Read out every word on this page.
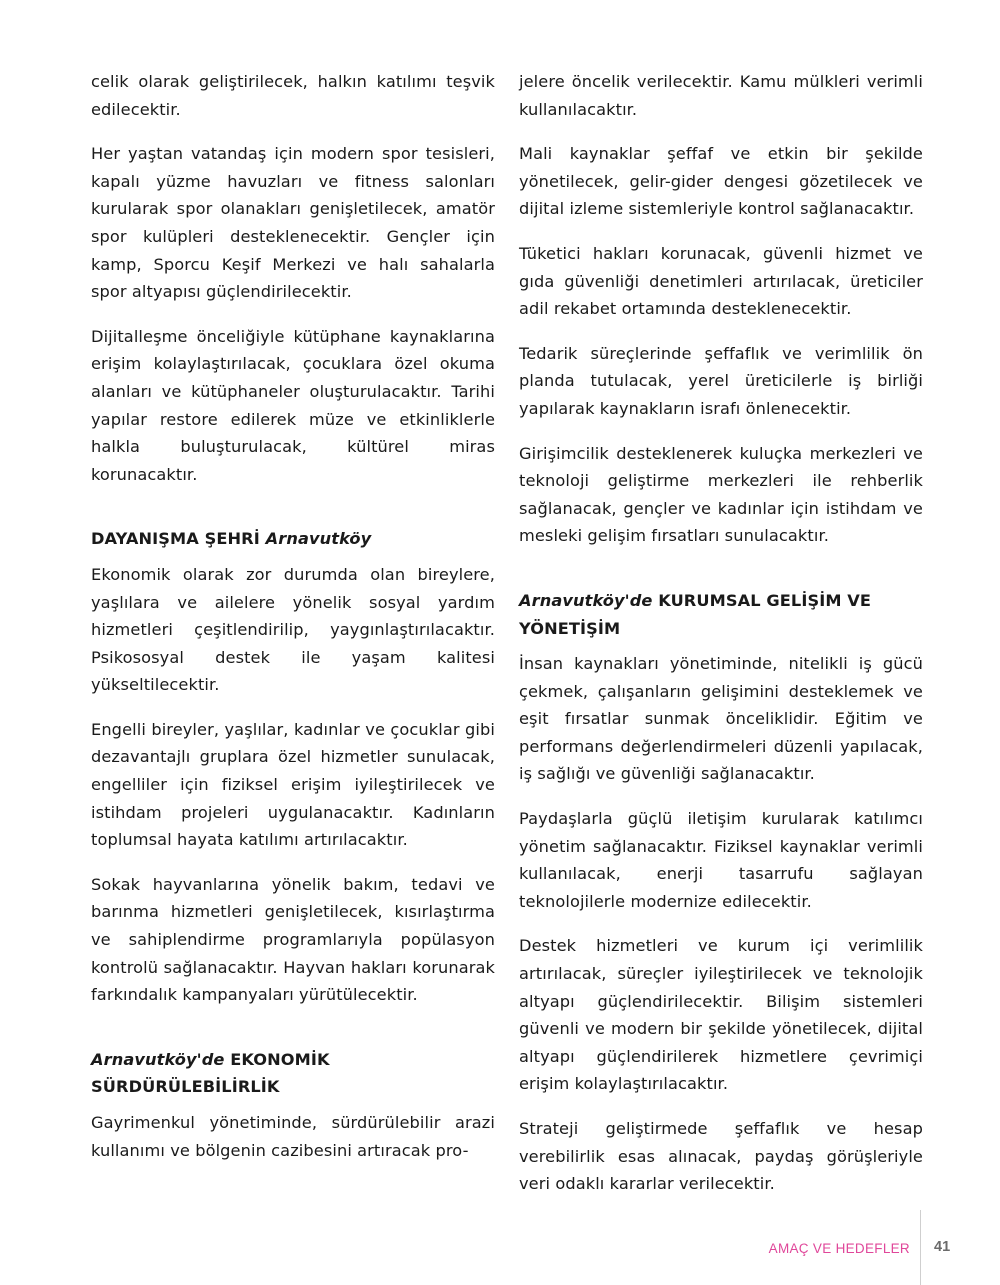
celik olarak geliştirilecek, halkın katılımı teşvik edilecektir.

Her yaştan vatandaş için modern spor tesisleri, kapalı yüzme havuzları ve fitness salonları kurularak spor olanakları genişletilecek, amatör spor kulüpleri desteklenecektir. Gençler için kamp, Sporcu Keşif Merkezi ve halı sahalarla spor altyapısı güçlendirilecektir.

Dijitalleşme önceliğiyle kütüphane kaynaklarına erişim kolaylaştırılacak, çocuklara özel okuma alanları ve kütüphaneler oluşturulacaktır. Tarihi yapılar restore edilerek müze ve etkinliklerle halkla buluşturulacak, kültürel miras korunacaktır.

DAYANIŞMA ŞEHRİ Arnavutköy

Ekonomik olarak zor durumda olan bireylere, yaşlılara ve ailelere yönelik sosyal yardım hizmetleri çeşitlendirilip, yaygınlaştırılacaktır. Psikososyal destek ile yaşam kalitesi yükseltilecektir.

Engelli bireyler, yaşlılar, kadınlar ve çocuklar gibi dezavantajlı gruplara özel hizmetler sunulacak, engelliler için fiziksel erişim iyileştirilecek ve istihdam projeleri uygulanacaktır. Kadınların toplumsal hayata katılımı artırılacaktır.

Sokak hayvanlarına yönelik bakım, tedavi ve barınma hizmetleri genişletilecek, kısırlaştırma ve sahiplendirme programlarıyla popülasyon kontrolü sağlanacaktır. Hayvan hakları korunarak farkındalık kampanyaları yürütülecektir.

Arnavutköy'de EKONOMİK SÜRDÜRÜLEBİLİRLİK

Gayrimenkul yönetiminde, sürdürülebilir arazi kullanımı ve bölgenin cazibesini artıracak pro-

jelere öncelik verilecektir. Kamu mülkleri verimli kullanılacaktır.

Mali kaynaklar şeffaf ve etkin bir şekilde yönetilecek, gelir-gider dengesi gözetilecek ve dijital izleme sistemleriyle kontrol sağlanacaktır.

Tüketici hakları korunacak, güvenli hizmet ve gıda güvenliği denetimleri artırılacak, üreticiler adil rekabet ortamında desteklenecektir.

Tedarik süreçlerinde şeffaflık ve verimlilik ön planda tutulacak, yerel üreticilerle iş birliği yapılarak kaynakların israfı önlenecektir.

Girişimcilik desteklenerek kuluçka merkezleri ve teknoloji geliştirme merkezleri ile rehberlik sağlanacak, gençler ve kadınlar için istihdam ve mesleki gelişim fırsatları sunulacaktır.

Arnavutköy'de KURUMSAL GELİŞİM VE YÖNETİŞİM

İnsan kaynakları yönetiminde, nitelikli iş gücü çekmek, çalışanların gelişimini desteklemek ve eşit fırsatlar sunmak önceliklidir. Eğitim ve performans değerlendirmeleri düzenli yapılacak, iş sağlığı ve güvenliği sağlanacaktır.

Paydaşlarla güçlü iletişim kurularak katılımcı yönetim sağlanacaktır. Fiziksel kaynaklar verimli kullanılacak, enerji tasarrufu sağlayan teknolojilerle modernize edilecektir.

Destek hizmetleri ve kurum içi verimlilik artırılacak, süreçler iyileştirilecek ve teknolojik altyapı güçlendirilecektir. Bilişim sistemleri güvenli ve modern bir şekilde yönetilecek, dijital altyapı güçlendirilerek hizmetlere çevrimiçi erişim kolaylaştırılacaktır.

Strateji geliştirmede şeffaflık ve hesap verebilirlik esas alınacak, paydaş görüşleriyle veri odaklı kararlar verilecektir.

AMAÇ VE HEDEFLER 41
